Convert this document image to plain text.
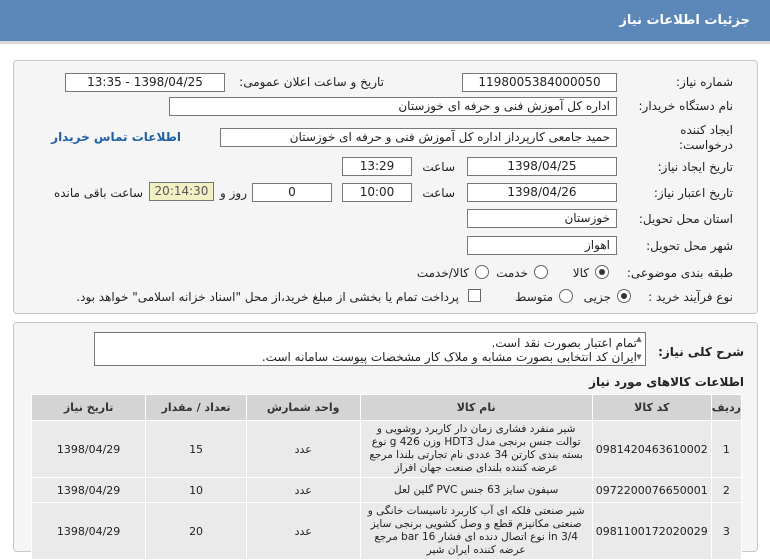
جزئیات اطلاعات نیاز
شماره نیاز:
1198005384000050
تاریخ و ساعت اعلان عمومی:
1398/04/25 - 13:35
نام دستگاه خریدار:
اداره کل آموزش فنی و حرفه ای خوزستان
ایجاد کننده
درخواست:
حمید جامعی کارپرداز اداره کل آموزش فنی و حرفه ای خوزستان
اطلاعات تماس خریدار
تاریخ ایجاد نیاز:
1398/04/25
ساعت
13:29
تاریخ اعتبار نیاز:
1398/04/26
ساعت
10:00
0
روز و
20:14:30
ساعت باقی مانده
استان محل تحویل:
خوزستان
شهر محل تحویل:
اهواز
طبقه بندی موضوعی:
کالا
خدمت
کالا/خدمت
نوع فرآیند خرید :
جزیی
متوسط
پرداخت تمام یا بخشی از مبلغ خرید،از محل "اسناد خزانه اسلامی" خواهد بود.
شرح کلی نیاز:
تمام اعتبار بصورت نقد است.
ایران کد انتخابی بصورت مشابه و ملاک کار مشخصات پیوست سامانه است.
▲

▼
اطلاعات کالاهای مورد نیاز
ردیف	کد کالا	نام کالا	واحد شمارش	تعداد / مقدار	تاریخ نیاز
1	0981420463610002	شیر منفرد فشاری زمان دار کاربرد روشویی و توالت جنس برنجی مدل HDT3 وزن 426 g نوع بسته بندی کارتن 34 عددی نام تجارتی بلندا مرجع عرضه کننده بلندای صنعت جهان افراز	عدد	15	1398/04/29
2	0972200076650001	سیفون سایز 63 جنس PVC گلین لعل	عدد	10	1398/04/29
3	0981100172020029	شیر صنعتی فلکه ای آب کاربرد تاسیسات خانگی و صنعتی مکانیزم قطع و وصل کشویی برنجی سایز 3/4 in نوع اتصال دنده ای فشار 16 bar مرجع عرضه کننده ایران شیر	عدد	20	1398/04/29
